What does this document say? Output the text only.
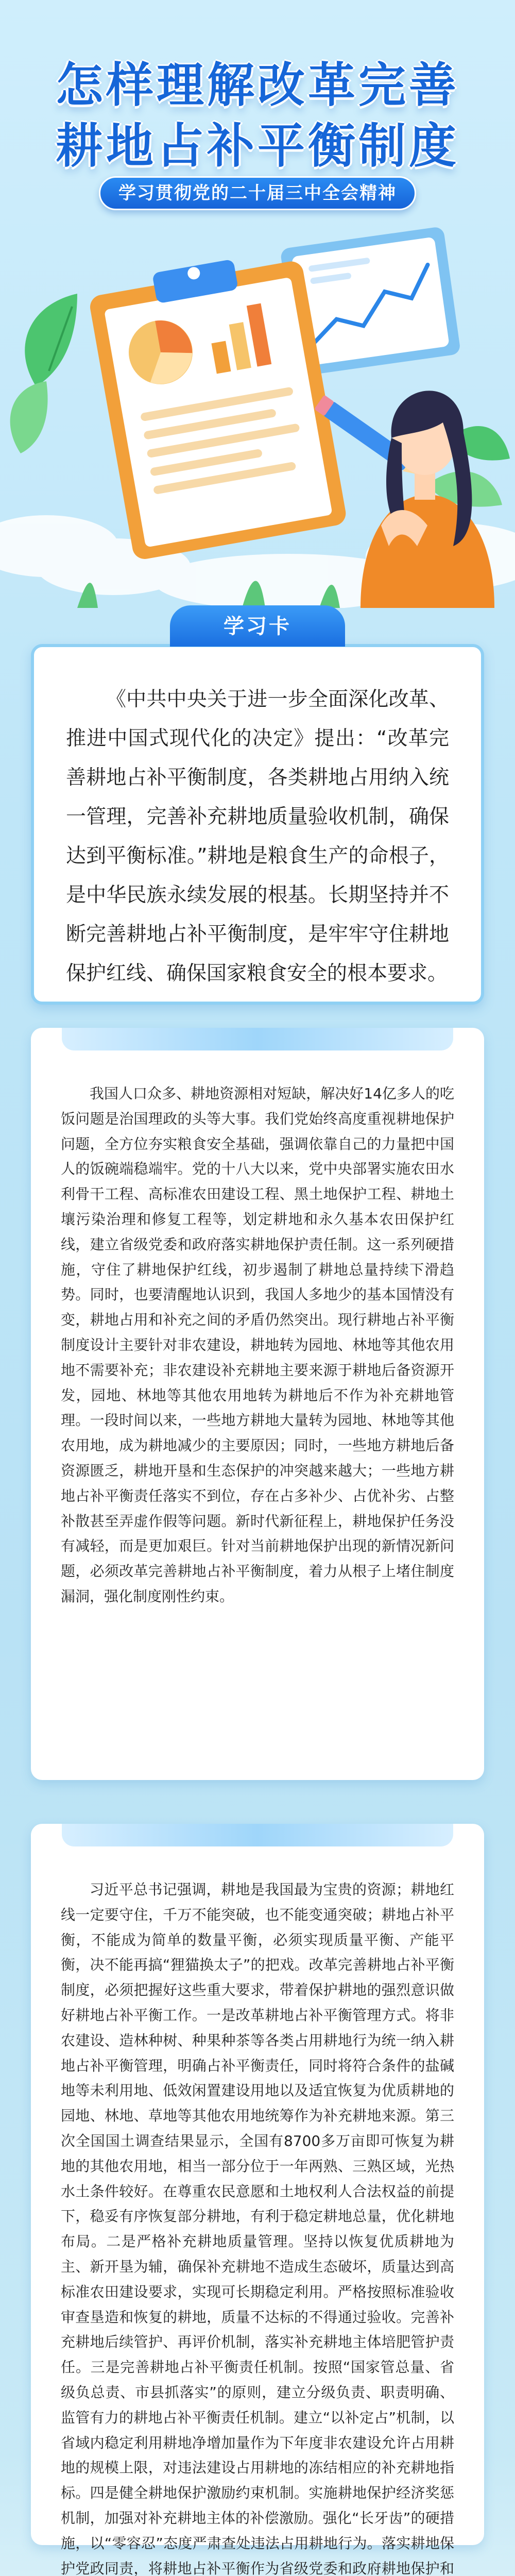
怎样理解改革完善
耕地占补平衡制度
学习贯彻党的二十届三中全会精神
学习卡

《中共中央关于进一步全面深化改革、推进中国式现代化的决定》提出：“改革完善耕地占补平衡制度，各类耕地占用纳入统一管理，完善补充耕地质量验收机制，确保达到平衡标准。”耕地是粮食生产的命根子，是中华民族永续发展的根基。长期坚持并不断完善耕地占补平衡制度，是牢牢守住耕地保护红线、确保国家粮食安全的根本要求。

我国人口众多、耕地资源相对短缺，解决好14亿多人的吃饭问题是治国理政的头等大事。我们党始终高度重视耕地保护问题，全方位夯实粮食安全基础，强调依靠自己的力量把中国人的饭碗端稳端牢。党的十八大以来，党中央部署实施农田水利骨干工程、高标准农田建设工程、黑土地保护工程、耕地土壤污染治理和修复工程等，划定耕地和永久基本农田保护红线，建立省级党委和政府落实耕地保护责任制。这一系列硬措施，守住了耕地保护红线，初步遏制了耕地总量持续下滑趋势。同时，也要清醒地认识到，我国人多地少的基本国情没有变，耕地占用和补充之间的矛盾仍然突出。现行耕地占补平衡制度设计主要针对非农建设，耕地转为园地、林地等其他农用地不需要补充；非农建设补充耕地主要来源于耕地后备资源开发，园地、林地等其他农用地转为耕地后不作为补充耕地管理。一段时间以来，一些地方耕地大量转为园地、林地等其他农用地，成为耕地减少的主要原因；同时，一些地方耕地后备资源匮乏，耕地开垦和生态保护的冲突越来越大；一些地方耕地占补平衡责任落实不到位，存在占多补少、占优补劣、占整补散甚至弄虚作假等问题。新时代新征程上，耕地保护任务没有减轻，而是更加艰巨。针对当前耕地保护出现的新情况新问题，必须改革完善耕地占补平衡制度，着力从根子上堵住制度漏洞，强化制度刚性约束。

习近平总书记强调，耕地是我国最为宝贵的资源；耕地红线一定要守住，千万不能突破，也不能变通突破；耕地占补平衡，不能成为简单的数量平衡，必须实现质量平衡、产能平衡，决不能再搞“狸猫换太子”的把戏。改革完善耕地占补平衡制度，必须把握好这些重大要求，带着保护耕地的强烈意识做好耕地占补平衡工作。一是改革耕地占补平衡管理方式。将非农建设、造林种树、种果种茶等各类占用耕地行为统一纳入耕地占补平衡管理，明确占补平衡责任，同时将符合条件的盐碱地等未利用地、低效闲置建设用地以及适宜恢复为优质耕地的园地、林地、草地等其他农用地统筹作为补充耕地来源。第三次全国国土调查结果显示，全国有8700多万亩即可恢复为耕地的其他农用地，相当一部分位于一年两熟、三熟区域，光热水土条件较好。在尊重农民意愿和土地权利人合法权益的前提下，稳妥有序恢复部分耕地，有利于稳定耕地总量，优化耕地布局。二是严格补充耕地质量管理。坚持以恢复优质耕地为主、新开垦为辅，确保补充耕地不造成生态破坏，质量达到高标准农田建设要求，实现可长期稳定利用。严格按照标准验收审查垦造和恢复的耕地，质量不达标的不得通过验收。完善补充耕地后续管护、再评价机制，落实补充耕地主体培肥管护责任。三是完善耕地占补平衡责任机制。按照“国家管总量、省级负总责、市县抓落实”的原则，建立分级负责、职责明确、监管有力的耕地占补平衡责任机制。建立“以补定占”机制，以省域内稳定利用耕地净增加量作为下年度非农建设允许占用耕地的规模上限，对违法建设占用耕地的冻结相应的补充耕地指标。四是健全耕地保护激励约束机制。实施耕地保护经济奖惩机制，加强对补充耕地主体的补偿激励。强化“长牙齿”的硬措施，以“零容忍”态度严肃查处违法占用耕地行为。落实耕地保护党政同责，将耕地占补平衡作为省级党委和政府耕地保护和
